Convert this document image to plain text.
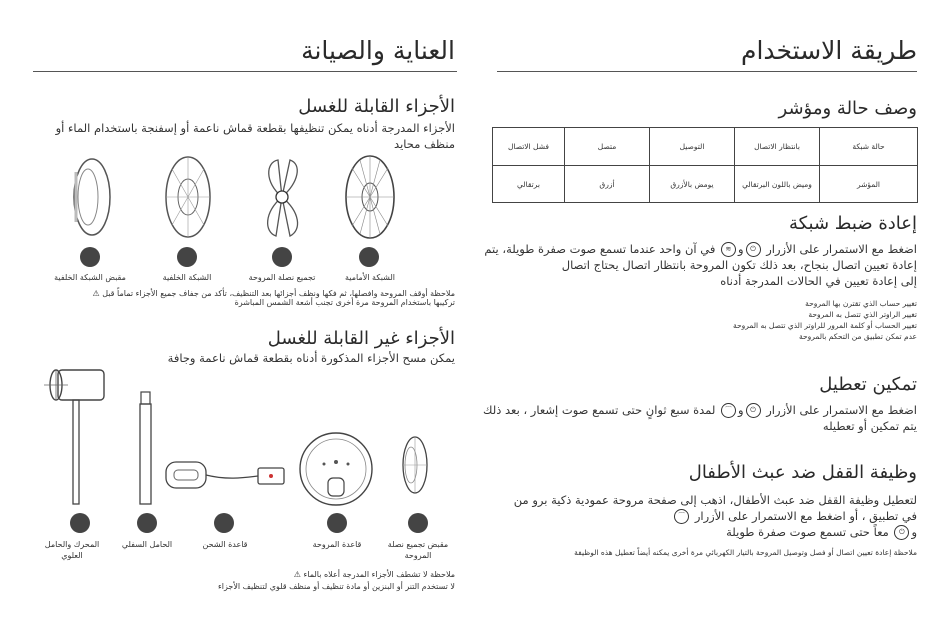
طريقة الاستخدام
وصف حالة ومؤشر
فشل الاتصال	متصل	التوصيل	بانتظار الاتصال	حالة شبكة
برتقالي	أزرق	يومض بالأزرق	وميض باللون البرتقالي	المؤشر
إعادة ضبط شبكة
اضغط مع الاستمرار على الأزرار ⏻و≋ في آن واحد عندما تسمع صوت صفرة طويلة، يتم
إعادة تعيين اتصال بنجاح، بعد ذلك تكون المروحة بانتظار اتصال يحتاج اتصال
إلى إعادة تعيين في الحالات المدرجة أدناه
تغيير حساب الذي تقترن بها المروحة
تغيير الراوتر الذي تتصل به المروحة
تغيير الحساب أو كلمة المرور للراوتر الذي تتصل به المروحة
عدم تمكن تطبيق من التحكم بالمروحة
تمكين تعطيل
اضغط مع الاستمرار على الأزرار ⏻و⌒ لمدة سبع ثوانٍ حتى تسمع صوت إشعار ، بعد ذلك
يتم تمكين أو تعطيله
وظيفة القفل ضد عبث الأطفال
لتعطيل وظيفة القفل ضد عبث الأطفال، اذهب إلى صفحة مروحة عمودية ذكية برو من
في تطبيق ، أو اضغط مع الاستمرار على الأزرار ⌒
و⏻ معاً حتى تسمع صوت صفرة طويلة
ملاحظة إعادة تعيين اتصال أو فصل وتوصيل المروحة بالتيار الكهربائي مرة أخرى يمكنه أيضاً تعطيل هذه الوظيفة
العناية والصيانة
الأجزاء القابلة للغسل
الأجزاء المدرجة أدناه يمكن تنظيفها بقطعة قماش ناعمة أو إسفنجة باستخدام الماء أو
منظف محايد
الشبكة الأمامية
تجميع نصلة المروحة
الشبكة الخلفية
مقبض الشبكة الخلفية
ملاحظة أوقف المروحة وافصلها، ثم فكها ونظف أجزائها بعد التنظيف، تأكد من جفاف جميع الأجزاء تماماً قبل ⚠
تركيبها باستخدام المروحة مرة أخرى تجنب أشعة الشمس المباشرة
الأجزاء غير القابلة للغسل
يمكن مسح الأجزاء المذكورة أدناه بقطعة قماش ناعمة وجافة
مقبض تجميع نصلة المروحة
قاعدة المروحة
قاعدة الشحن
الحامل السفلي
المحرك والحامل العلوي
ملاحظة لا تشطف الأجزاء المدرجة أعلاه بالماء ⚠
لا تستخدم التنر أو البنزين أو مادة تنظيف أو منظف قلوي لتنظيف الأجزاء
